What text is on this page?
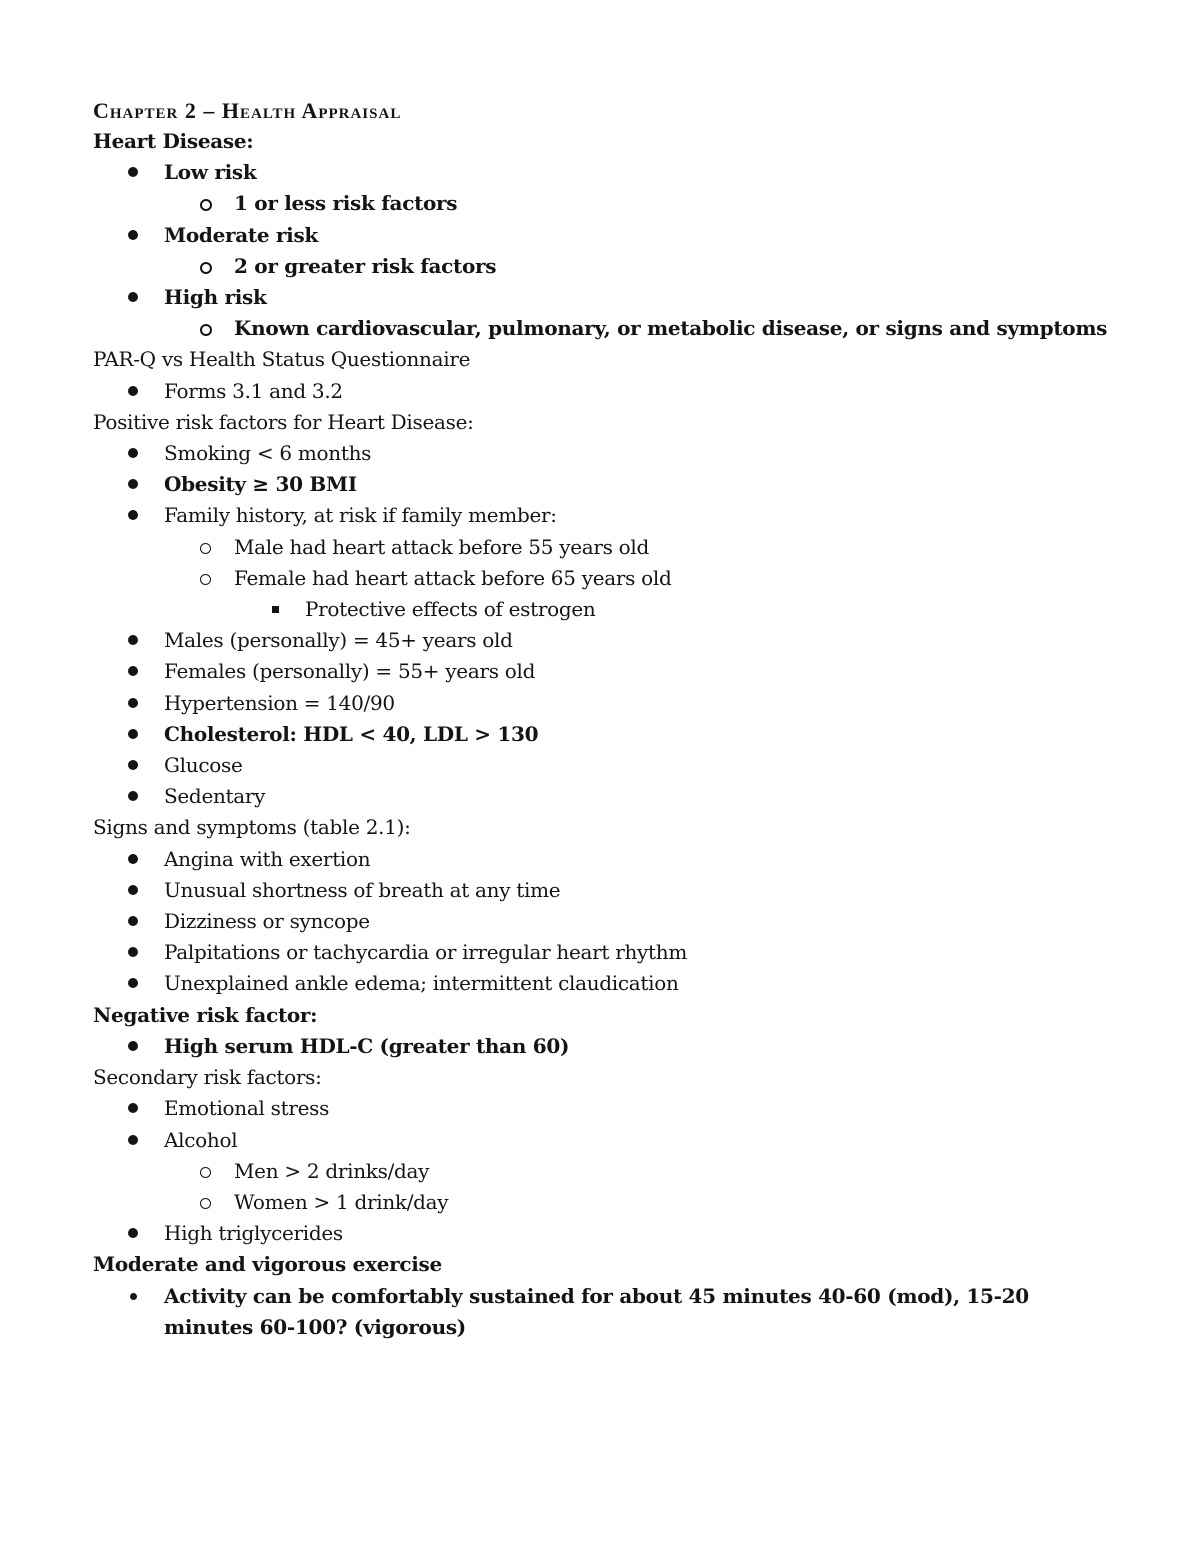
Chapter 2 – Health Appraisal
Heart Disease:
Low risk
1 or less risk factors
Moderate risk
2 or greater risk factors
High risk
Known cardiovascular, pulmonary, or metabolic disease, or signs and symptoms
PAR-Q vs Health Status Questionnaire
Forms 3.1 and 3.2
Positive risk factors for Heart Disease:
Smoking < 6 months
Obesity ≥ 30 BMI
Family history, at risk if family member:
Male had heart attack before 55 years old
Female had heart attack before 65 years old
Protective effects of estrogen
Males (personally) = 45+ years old
Females (personally) = 55+ years old
Hypertension = 140/90
Cholesterol: HDL < 40, LDL > 130
Glucose
Sedentary
Signs and symptoms (table 2.1):
Angina with exertion
Unusual shortness of breath at any time
Dizziness or syncope
Palpitations or tachycardia or irregular heart rhythm
Unexplained ankle edema; intermittent claudication
Negative risk factor:
High serum HDL-C (greater than 60)
Secondary risk factors:
Emotional stress
Alcohol
Men > 2 drinks/day
Women > 1 drink/day
High triglycerides
Moderate and vigorous exercise
Activity can be comfortably sustained for about 45 minutes 40-60 (mod), 15-20 minutes 60-100? (vigorous)
